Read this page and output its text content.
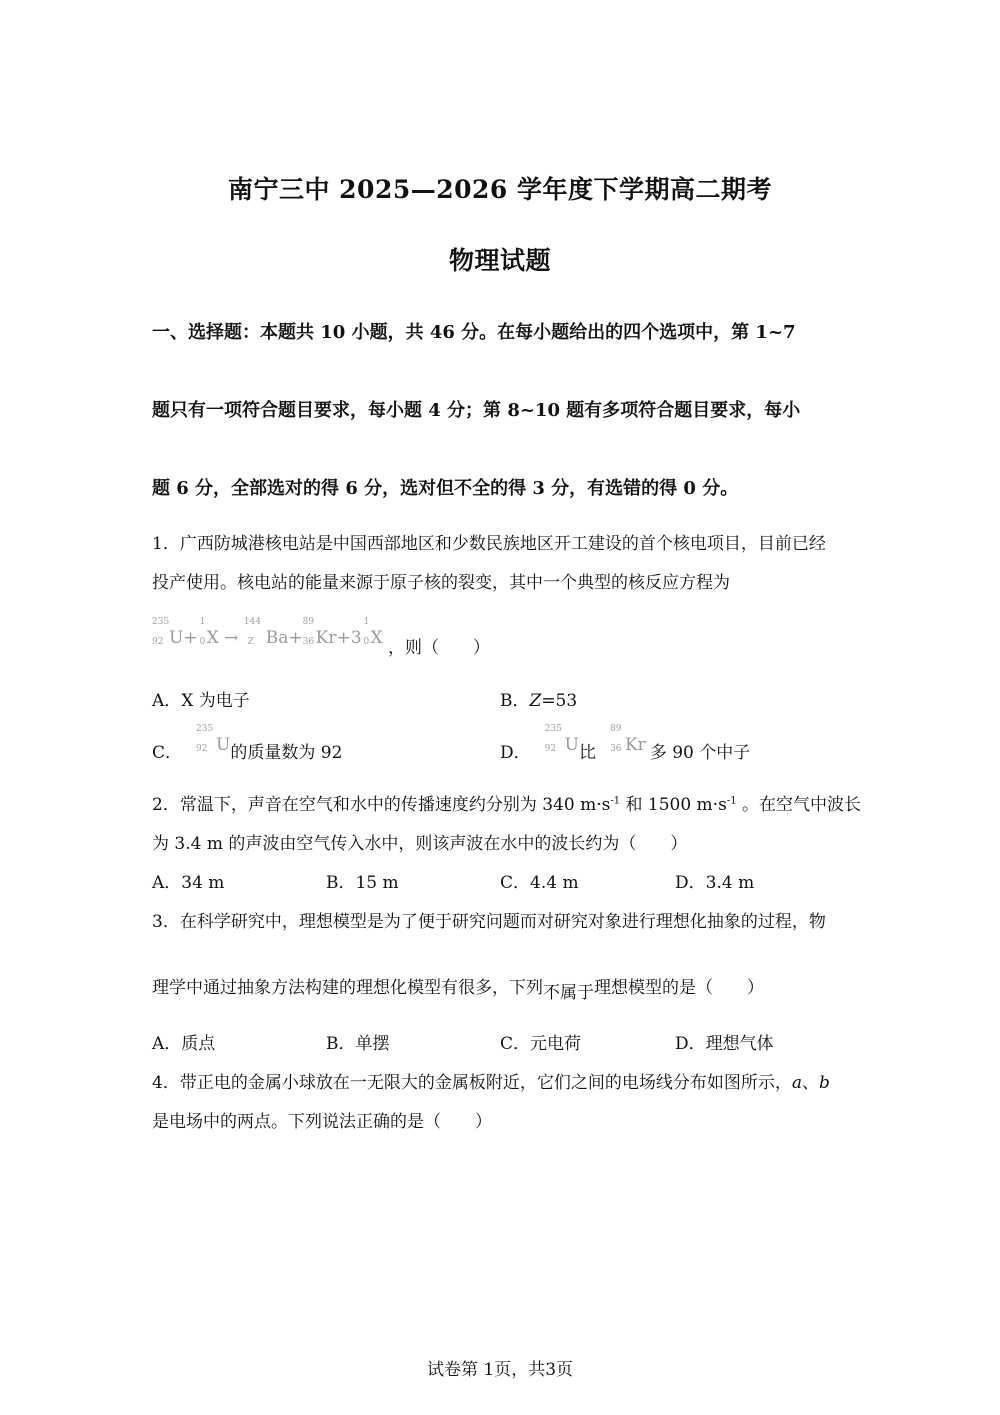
南宁三中 2025—2026 学年度下学期高二期考
物理试题
一、选择题：本题共 10 小题，共 46 分。在每小题给出的四个选项中，第 1~7
题只有一项符合题目要求，每小题 4 分；第 8~10 题有多项符合题目要求，每小
题 6 分，全部选对的得 6 分，选对但不全的得 3 分，有选错的得 0 分。
1．广西防城港核电站是中国西部地区和少数民族地区开工建设的首个核电项目，目前已经
投产使用。核电站的能量来源于原子核的裂变，其中一个典型的核反应方程为
235
92 U+
1
0 X →
144
Z Ba+
89
36 Kr+3
1
0 X ，则（　　）
A．X 为电子	B．Z=53
C．
235
92 U的质量数为 92	D．
235
92 U比
89
36 Kr 多 90 个中子
2．常温下，声音在空气和水中的传播速度约分别为 340 $m\cdot s^{-1}$ 和 1500 $m\cdot s^{-1}$ 。在空气中波长
为 3.4 m 的声波由空气传入水中，则该声波在水中的波长约为（　　）
A．34 m	B．15 m	C．4.4 m	D．3.4 m
3．在科学研究中，理想模型是为了便于研究问题而对研究对象进行理想化抽象的过程，物
理学中通过抽象方法构建的理想化模型有很多，下列不属于理想模型的是（　　）
A．质点	B．单摆	C．元电荷	D．理想气体
4．带正电的金属小球放在一无限大的金属板附近，它们之间的电场线分布如图所示，a、b
是电场中的两点。下列说法正确的是（　　）
试卷第 1页，共3页
